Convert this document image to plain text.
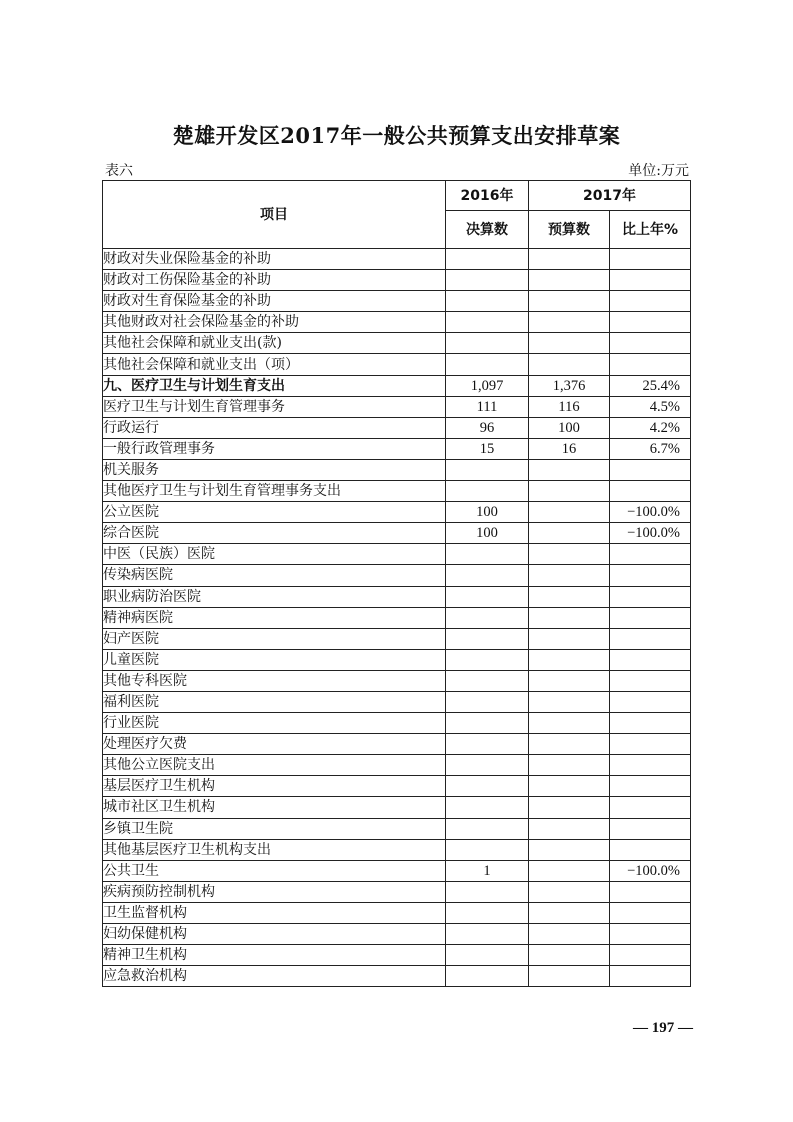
楚雄开发区2017年一般公共预算支出安排草案
表六	单位:万元
项目	2016年	2017年	
	决算数	预算数	比上年%
财政对失业保险基金的补助			
财政对工伤保险基金的补助			
财政对生育保险基金的补助			
其他财政对社会保险基金的补助			
其他社会保障和就业支出(款)			
其他社会保障和就业支出（项）			
九、医疗卫生与计划生育支出	1,097	1,376	25.4%
医疗卫生与计划生育管理事务	111	116	4.5%
行政运行	96	100	4.2%
一般行政管理事务	15	16	6.7%
机关服务			
其他医疗卫生与计划生育管理事务支出			
公立医院	100		−100.0%
综合医院	100		−100.0%
中医（民族）医院			
传染病医院			
职业病防治医院			
精神病医院			
妇产医院			
儿童医院			
其他专科医院			
福利医院			
行业医院			
处理医疗欠费			
其他公立医院支出			
基层医疗卫生机构			
城市社区卫生机构			
乡镇卫生院			
其他基层医疗卫生机构支出			
公共卫生	1		−100.0%
疾病预防控制机构			
卫生监督机构			
妇幼保健机构			
精神卫生机构			
应急救治机构			
— 197 —
